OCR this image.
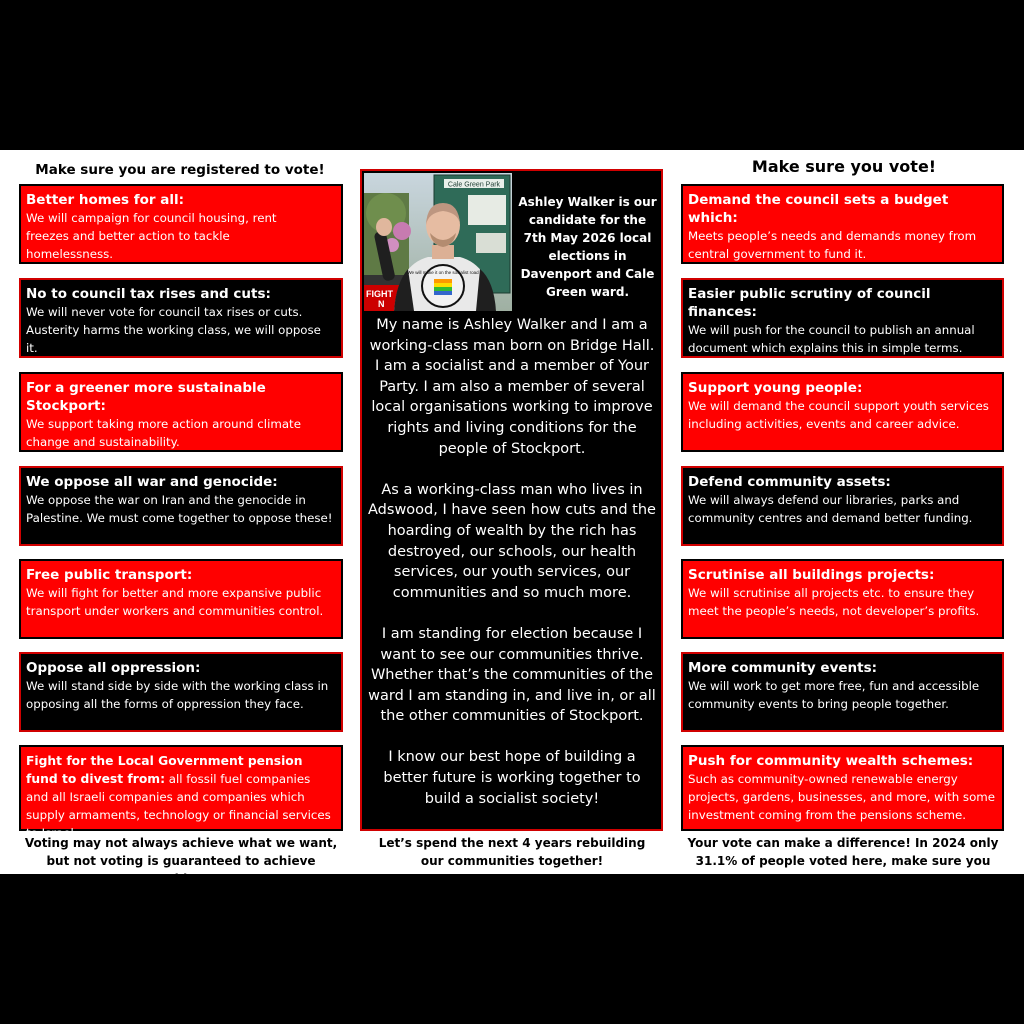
Make sure you are registered to vote!
Better homes for all:
We will campaign for council housing, rent freezes and better action to tackle homelessness.
No to council tax rises and cuts:
We will never vote for council tax rises or cuts. Austerity harms the working class, we will oppose it.
For a greener more sustainable Stockport:
We support taking more action around climate change and sustainability.
We oppose all war and genocide:
We oppose the war on Iran and the genocide in Palestine. We must come together to oppose these!
Free public transport:
We will fight for better and more expansive public transport under workers and communities control.
Oppose all oppression:
We will stand side by side with the working class in opposing all the forms of oppression they face.
Fight for the Local Government pension fund to divest from: all fossil fuel companies and all Israeli companies and companies which supply armaments, technology or financial services to Israel.
Voting may not always achieve what we want, but not voting is guaranteed to achieve nothing!
Cale Green Park
FIGHT
N
We will make it on the socialist road
Ashley Walker is our candidate for the 7th May 2026 local elections in Davenport and Cale Green ward.

My name is Ashley Walker and I am a working-class man born on Bridge Hall. I am a socialist and a member of Your Party. I am also a member of several local organisations working to improve rights and living conditions for the people of Stockport.

As a working-class man who lives in Adswood, I have seen how cuts and the hoarding of wealth by the rich has destroyed, our schools, our health services, our youth services, our communities and so much more.

I am standing for election because I want to see our communities thrive. Whether that’s the communities of the ward I am standing in, and live in, or all the other communities of Stockport.

I know our best hope of building a better future is working together to build a socialist society!

Let’s spend the next 4 years rebuilding our communities together!
Make sure you vote!
Demand the council sets a budget which:
Meets people’s needs and demands money from central government to fund it.
Easier public scrutiny of council finances:
We will push for the council to publish an annual document which explains this in simple terms.
Support young people:
We will demand the council support youth services including activities, events and career advice.
Defend community assets:
We will always defend our libraries, parks and community centres and demand better funding.
Scrutinise all buildings projects:
We will scrutinise all projects etc. to ensure they meet the people’s needs, not developer’s profits.
More community events:
We will work to get more free, fun and accessible community events to bring people together.
Push for community wealth schemes:
Such as community-owned renewable energy projects, gardens, businesses, and more, with some investment coming from the pensions scheme.
Your vote can make a difference! In 2024 only 31.1% of people voted here, make sure you vote!
